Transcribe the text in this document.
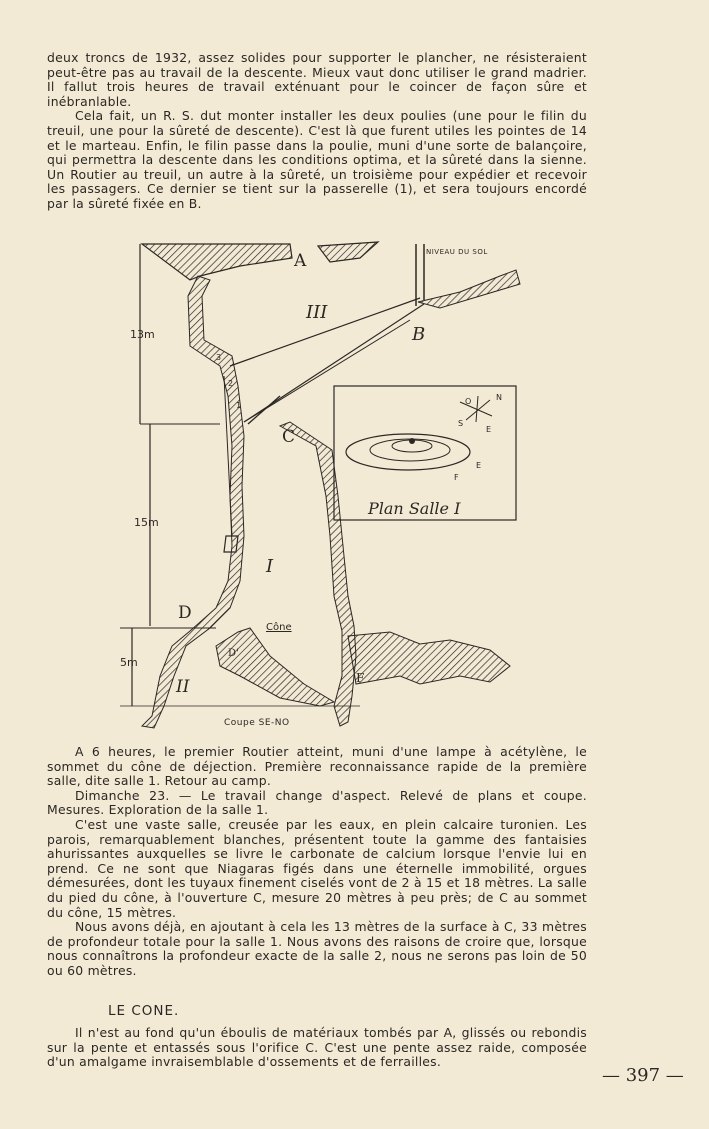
deux troncs de 1932, assez solides pour supporter le plancher, ne résisteraient peut-être pas au travail de la descente. Mieux vaut donc utiliser le grand madrier. Il fallut trois heures de travail exténuant pour le coincer de façon sûre et inébranlable.

Cela fait, un R. S. dut monter installer les deux poulies (une pour le filin du treuil, une pour la sûreté de descente). C'est là que furent utiles les pointes de 14 et le marteau. Enfin, le filin passe dans la poulie, muni d'une sorte de balançoire, qui permettra la descente dans les conditions optima, et la sûreté dans la sienne. Un Routier au treuil, un autre à la sûreté, un troisième pour expédier et recevoir les passagers. Ce dernier se tient sur la passerelle (1), et sera toujours encordé par la sûreté fixée en B.

A
B
C
D
D'
F
III
I
II
NIVEAU DU SOL
13m
15m
5m
Cône
Coupe SE-NO
Plan Salle I
O	N
S
E
E
F
3
2
1

A 6 heures, le premier Routier atteint, muni d'une lampe à acétylène, le sommet du cône de déjection. Première reconnaissance rapide de la première salle, dite salle 1. Retour au camp.

Dimanche 23. — Le travail change d'aspect. Relevé de plans et coupe. Mesures. Exploration de la salle 1.

C'est une vaste salle, creusée par les eaux, en plein calcaire turonien. Les parois, remarquablement blanches, présentent toute la gamme des fantaisies ahurissantes auxquelles se livre le carbonate de calcium lorsque l'envie lui en prend. Ce ne sont que Niagaras figés dans une éternelle immobilité, orgues démesurées, dont les tuyaux finement ciselés vont de 2 à 15 et 18 mètres. La salle du pied du cône, à l'ouverture C, mesure 20 mètres à peu près; de C au sommet du cône, 15 mètres.

Nous avons déjà, en ajoutant à cela les 13 mètres de la surface à C, 33 mètres de profondeur totale pour la salle 1. Nous avons des raisons de croire que, lorsque nous connaîtrons la profondeur exacte de la salle 2, nous ne serons pas loin de 50 ou 60 mètres.

LE CONE.

Il n'est au fond qu'un éboulis de matériaux tombés par A, glissés ou rebondis sur la pente et entassés sous l'orifice C. C'est une pente assez raide, composée d'un amalgame invraisemblable d'ossements et de ferrailles.

— 397 —
